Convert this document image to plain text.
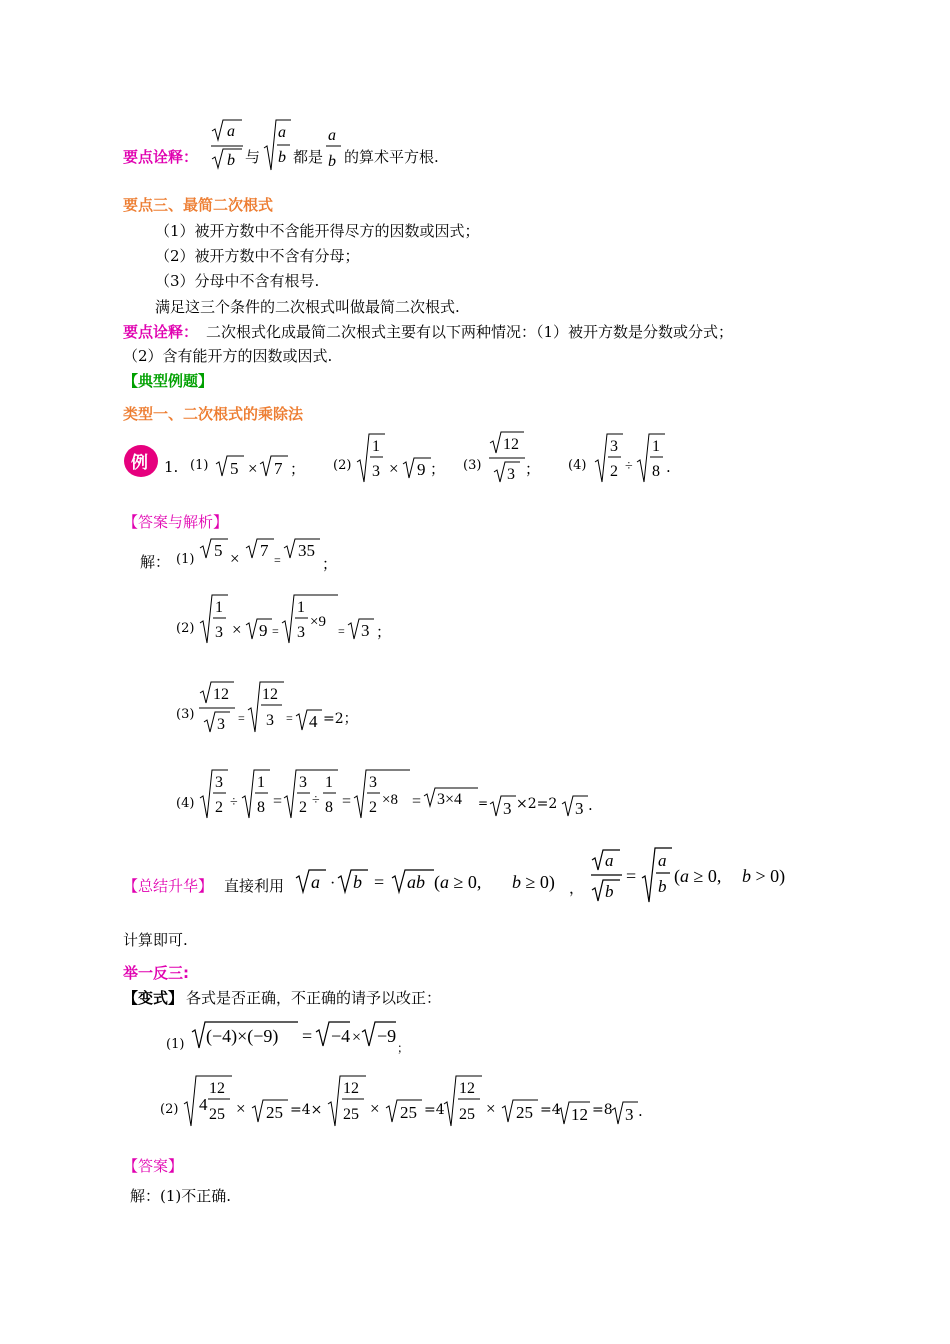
要点诠释：
a
b 与
a
b 都是
a
b 的算术平方根.
要点三、最简二次根式
（1）被开方数中不含能开得尽方的因数或因式；
（2）被开方数中不含有分母；
（3）分母中不含有根号.
满足这三个条件的二次根式叫做最简二次根式.
要点诠释： 二次根式化成最简二次根式主要有以下两种情况：（1）被开方数是分数或分式；
（2）含有能开方的因数或因式.
【典型例题】
类型一、二次根式的乘除法
例 1. (1) 5 × 7 ； (2)
1
3 × 9 ； (3)
12
3 ； (4)
3
2 ÷
1
8 .
【答案与解析】
解： (1) 5 × 7 = 35
；
(2)
1
3 × 9 =
1
3
×9
= 3 ；
(3)
12
3 =
12
3 = 4 =2；
(4)
3
2 ÷
1
8 =
3
2 ÷
1
8 =
3
2 ×8 = 3×4 = 3 ×2=2 3 .
【总结升华】 直接利用 a · b = ab (a ≥ 0, b ≥ 0) ，
a
b
=
a
b
(a ≥ 0, b > 0)
计算即可.
举一反三:
【变式】 各式是否正确，不正确的请予以改正：
(1) (−4)×(−9) = −4 × −9
；
(2) 4
12
25 × 25 =4×
12
25 × 25 =4
12
25 × 25 =4 12 =8 3 .
【答案】
解：(1)不正确.
